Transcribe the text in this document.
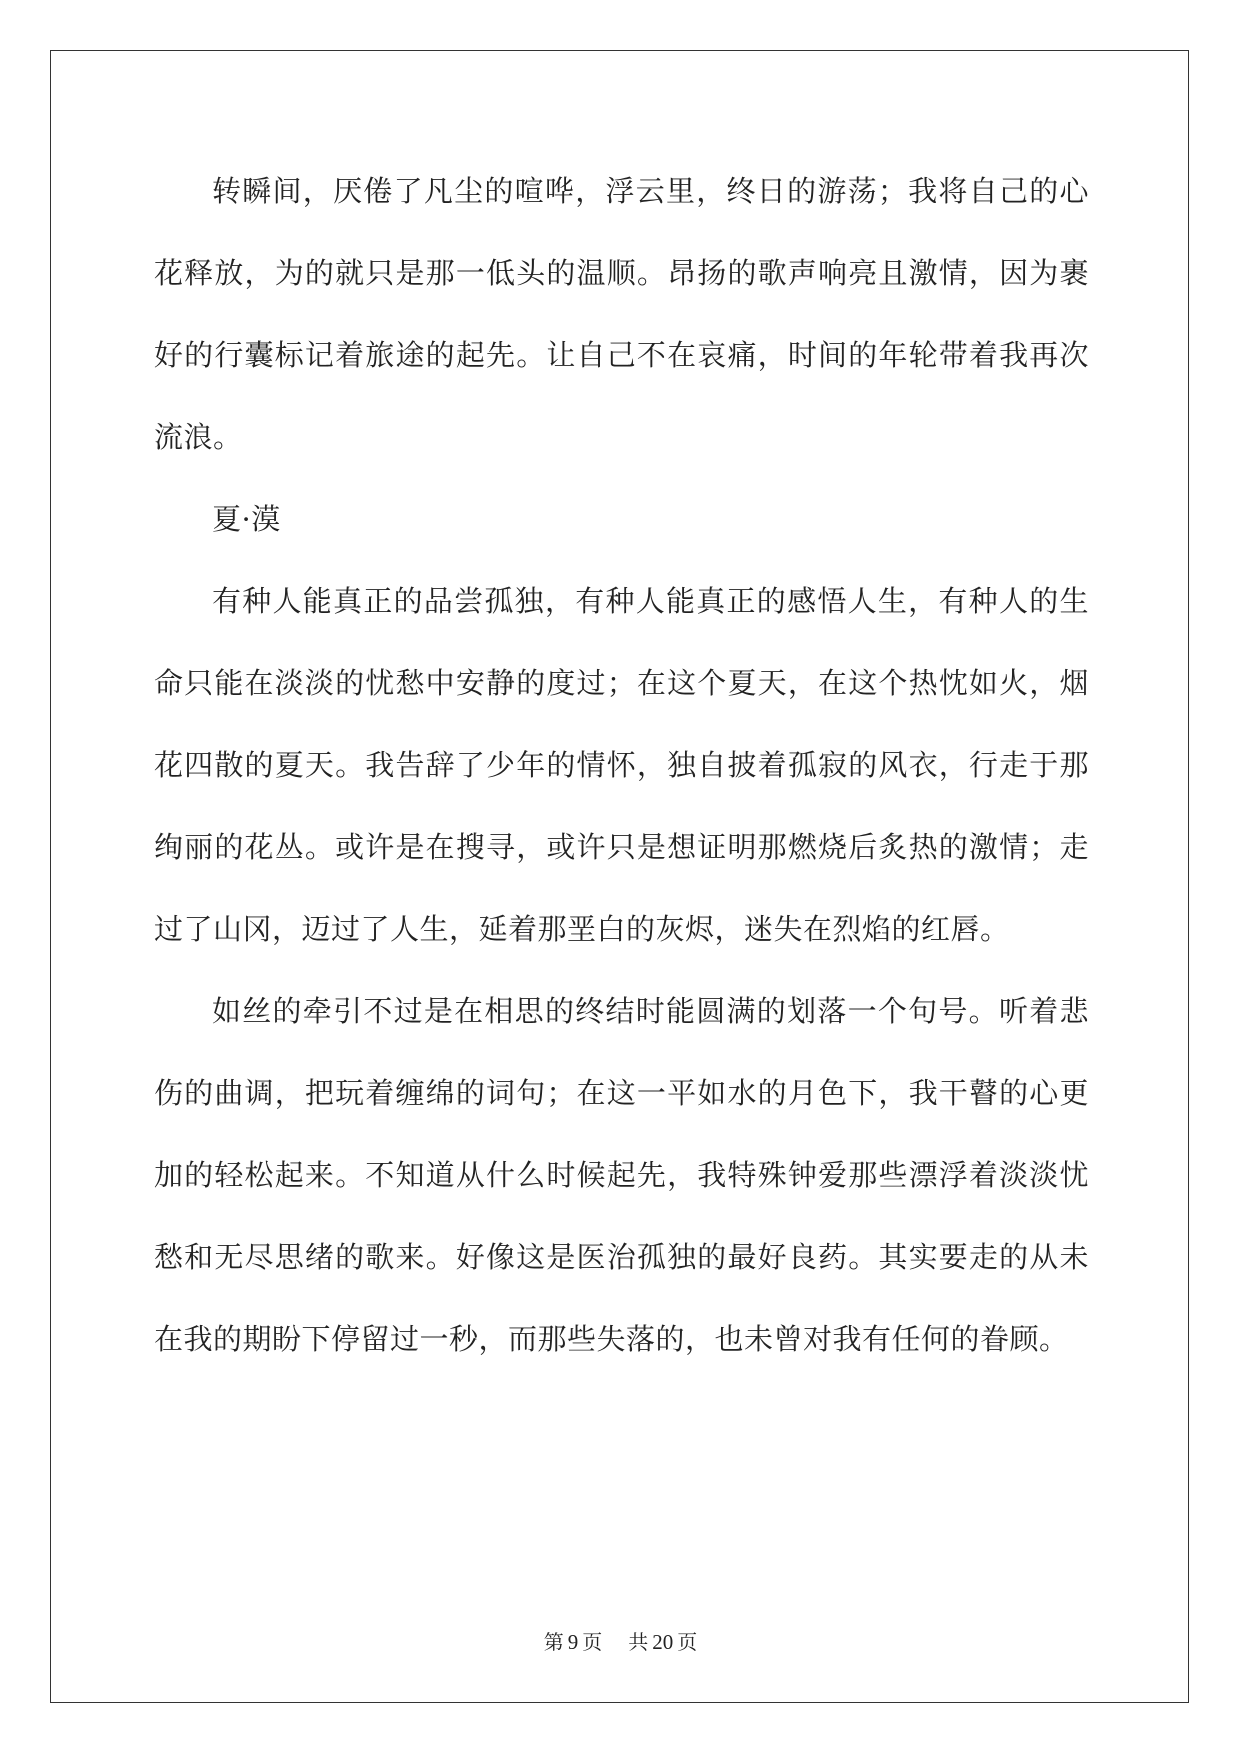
转瞬间，厌倦了凡尘的喧哗，浮云里，终日的游荡；我将自己的心花释放，为的就只是那一低头的温顺。昂扬的歌声响亮且激情，因为裹好的行囊标记着旅途的起先。让自己不在哀痛，时间的年轮带着我再次流浪。

夏·漠

有种人能真正的品尝孤独，有种人能真正的感悟人生，有种人的生命只能在淡淡的忧愁中安静的度过；在这个夏天，在这个热忱如火，烟花四散的夏天。我告辞了少年的情怀，独自披着孤寂的风衣，行走于那绚丽的花丛。或许是在搜寻，或许只是想证明那燃烧后炙热的激情；走过了山冈，迈过了人生，延着那垩白的灰烬，迷失在烈焰的红唇。

如丝的牵引不过是在相思的终结时能圆满的划落一个句号。听着悲伤的曲调，把玩着缠绵的词句；在这一平如水的月色下，我干瞽的心更加的轻松起来。不知道从什么时候起先，我特殊钟爱那些漂浮着淡淡忧愁和无尽思绪的歌来。好像这是医治孤独的最好良药。其实要走的从未在我的期盼下停留过一秒，而那些失落的，也未曾对我有任何的眷顾。

第 9 页 共 20 页
